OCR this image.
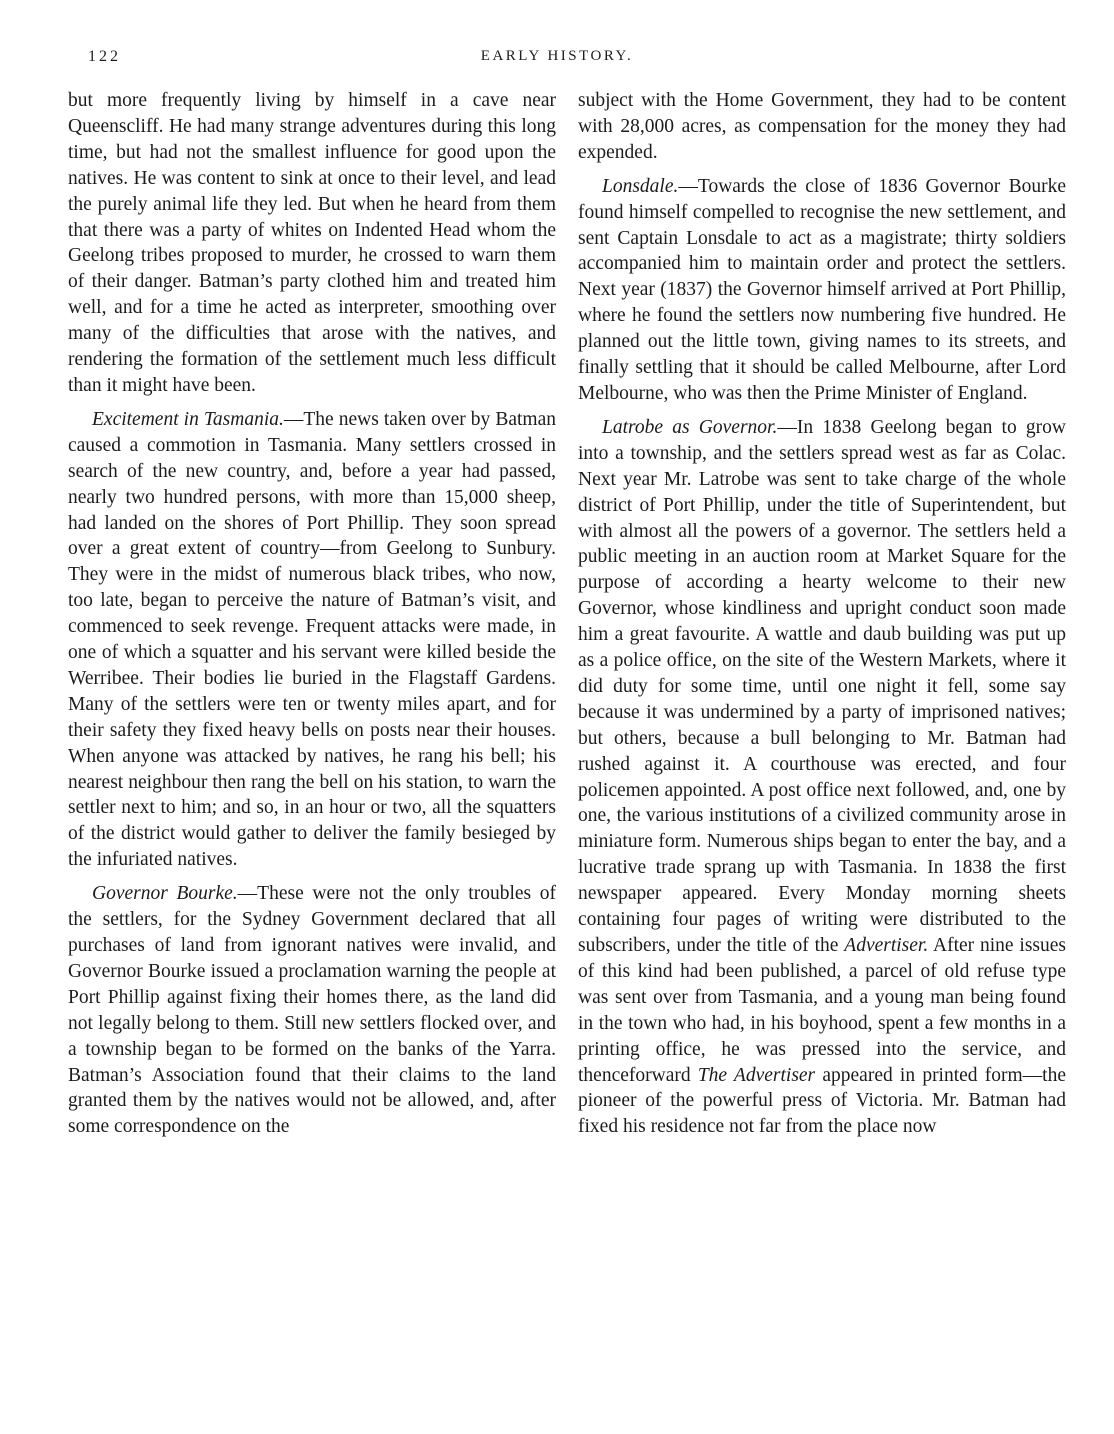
122	EARLY HISTORY.

but more frequently living by himself in a cave near Queenscliff. He had many strange adventures during this long time, but had not the smallest influence for good upon the natives. He was content to sink at once to their level, and lead the purely animal life they led. But when he heard from them that there was a party of whites on Indented Head whom the Geelong tribes proposed to murder, he crossed to warn them of their danger. Batman’s party clothed him and treated him well, and for a time he acted as interpreter, smoothing over many of the difficulties that arose with the natives, and rendering the formation of the settlement much less difficult than it might have been.

Excitement in Tasmania.—The news taken over by Batman caused a commotion in Tasmania. Many settlers crossed in search of the new country, and, before a year had passed, nearly two hundred persons, with more than 15,000 sheep, had landed on the shores of Port Phillip. They soon spread over a great extent of country—from Geelong to Sunbury. They were in the midst of numerous black tribes, who now, too late, began to perceive the nature of Batman’s visit, and commenced to seek revenge. Frequent attacks were made, in one of which a squatter and his servant were killed beside the Werribee. Their bodies lie buried in the Flagstaff Gardens. Many of the settlers were ten or twenty miles apart, and for their safety they fixed heavy bells on posts near their houses. When anyone was attacked by natives, he rang his bell; his nearest neighbour then rang the bell on his station, to warn the settler next to him; and so, in an hour or two, all the squatters of the district would gather to deliver the family besieged by the infuriated natives.

Governor Bourke.—These were not the only troubles of the settlers, for the Sydney Government declared that all purchases of land from ignorant natives were invalid, and Governor Bourke issued a proclamation warning the people at Port Phillip against fixing their homes there, as the land did not legally belong to them. Still new settlers flocked over, and a township began to be formed on the banks of the Yarra. Batman’s Association found that their claims to the land granted them by the natives would not be allowed, and, after some correspondence on the

subject with the Home Government, they had to be content with 28,000 acres, as compensation for the money they had expended.

Lonsdale.—Towards the close of 1836 Governor Bourke found himself compelled to recognise the new settlement, and sent Captain Lonsdale to act as a magistrate; thirty soldiers accompanied him to maintain order and protect the settlers. Next year (1837) the Governor himself arrived at Port Phillip, where he found the settlers now numbering five hundred. He planned out the little town, giving names to its streets, and finally settling that it should be called Melbourne, after Lord Melbourne, who was then the Prime Minister of England.

Latrobe as Governor.—In 1838 Geelong began to grow into a township, and the settlers spread west as far as Colac. Next year Mr. Latrobe was sent to take charge of the whole district of Port Phillip, under the title of Superintendent, but with almost all the powers of a governor. The settlers held a public meeting in an auction room at Market Square for the purpose of according a hearty welcome to their new Governor, whose kindliness and upright conduct soon made him a great favourite. A wattle and daub building was put up as a police office, on the site of the Western Markets, where it did duty for some time, until one night it fell, some say because it was undermined by a party of imprisoned natives; but others, because a bull belonging to Mr. Batman had rushed against it. A courthouse was erected, and four policemen appointed. A post office next followed, and, one by one, the various institutions of a civilized community arose in miniature form. Numerous ships began to enter the bay, and a lucrative trade sprang up with Tasmania. In 1838 the first newspaper appeared. Every Monday morning sheets containing four pages of writing were distributed to the subscribers, under the title of the Advertiser. After nine issues of this kind had been published, a parcel of old refuse type was sent over from Tasmania, and a young man being found in the town who had, in his boyhood, spent a few months in a printing office, he was pressed into the service, and thenceforward The Advertiser appeared in printed form—the pioneer of the powerful press of Victoria. Mr. Batman had fixed his residence not far from the place now
